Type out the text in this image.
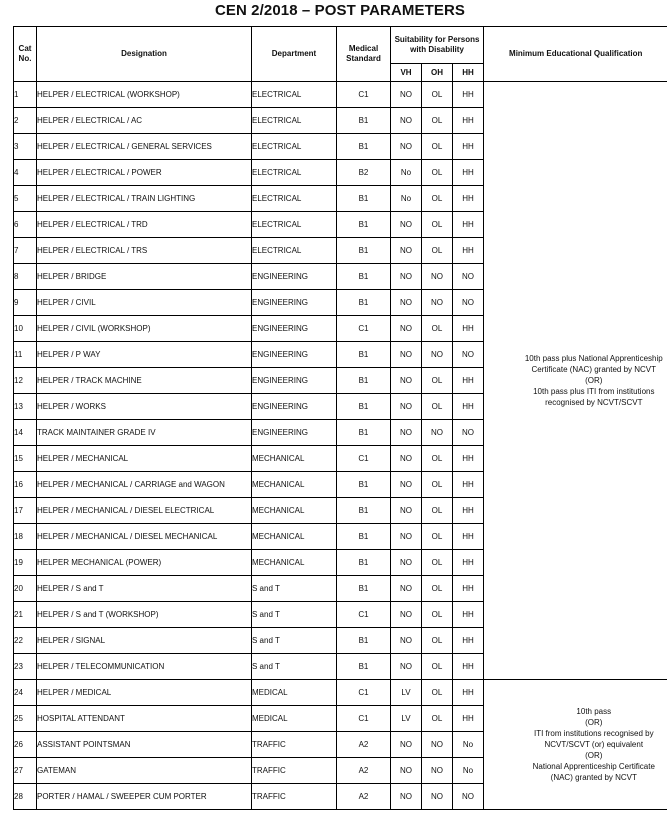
CEN 2/2018 – POST PARAMETERS
Cat No.	Designation	Department	Medical Standard	Suitability for Persons with Disability			Minimum Educational Qualification
				VH	OH	HH	
1	HELPER / ELECTRICAL (WORKSHOP)	ELECTRICAL	C1	NO	OL	HH	10th pass plus National Apprenticeship
Certificate (NAC) granted by NCVT
(OR)
10th pass plus ITI from institutions
recognised by NCVT/SCVT

2	HELPER / ELECTRICAL / AC	ELECTRICAL	B1	NO	OL	HH	
3	HELPER / ELECTRICAL / GENERAL SERVICES	ELECTRICAL	B1	NO	OL	HH	
4	HELPER / ELECTRICAL / POWER	ELECTRICAL	B2	No	OL	HH	
5	HELPER / ELECTRICAL / TRAIN LIGHTING	ELECTRICAL	B1	No	OL	HH	
6	HELPER / ELECTRICAL / TRD	ELECTRICAL	B1	NO	OL	HH	
7	HELPER / ELECTRICAL / TRS	ELECTRICAL	B1	NO	OL	HH	
8	HELPER / BRIDGE	ENGINEERING	B1	NO	NO	NO	
9	HELPER / CIVIL	ENGINEERING	B1	NO	NO	NO	
10	HELPER / CIVIL (WORKSHOP)	ENGINEERING	C1	NO	OL	HH	
11	HELPER / P WAY	ENGINEERING	B1	NO	NO	NO	
12	HELPER / TRACK MACHINE	ENGINEERING	B1	NO	OL	HH	
13	HELPER / WORKS	ENGINEERING	B1	NO	OL	HH	
14	TRACK MAINTAINER GRADE IV	ENGINEERING	B1	NO	NO	NO	
15	HELPER / MECHANICAL	MECHANICAL	C1	NO	OL	HH	
16	HELPER / MECHANICAL / CARRIAGE and WAGON	MECHANICAL	B1	NO	OL	HH	
17	HELPER / MECHANICAL / DIESEL ELECTRICAL	MECHANICAL	B1	NO	OL	HH	
18	HELPER / MECHANICAL / DIESEL MECHANICAL	MECHANICAL	B1	NO	OL	HH	
19	HELPER MECHANICAL (POWER)	MECHANICAL	B1	NO	OL	HH	
20	HELPER / S and T	S and T	B1	NO	OL	HH	
21	HELPER / S and T (WORKSHOP)	S and T	C1	NO	OL	HH	
22	HELPER / SIGNAL	S and T	B1	NO	OL	HH	
23	HELPER / TELECOMMUNICATION	S and T	B1	NO	OL	HH	
24	HELPER / MEDICAL	MEDICAL	C1	LV	OL	HH	
10th pass
(OR)
ITI from institutions recognised by
NCVT/SCVT (or) equivalent
(OR)
National Apprenticeship Certificate
(NAC) granted by NCVT

25	HOSPITAL ATTENDANT	MEDICAL	C1	LV	OL	HH	
26	ASSISTANT POINTSMAN	TRAFFIC	A2	NO	NO	No	
27	GATEMAN	TRAFFIC	A2	NO	NO	No	
28	PORTER / HAMAL / SWEEPER CUM PORTER	TRAFFIC	A2	NO	NO	NO	
